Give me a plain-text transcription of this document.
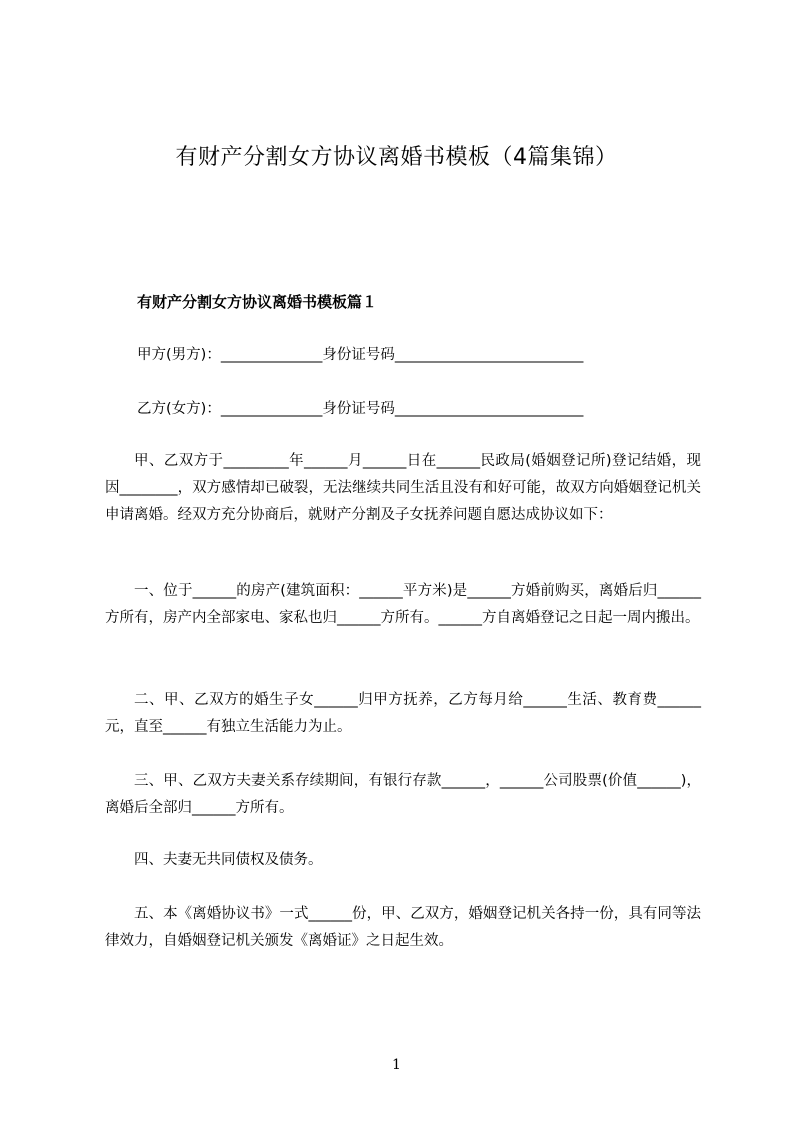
有财产分割女方协议离婚书模板（4篇集锦）
有财产分割女方协议离婚书模板篇１
甲方(男方)：______________身份证号码__________________________
乙方(女方)：______________身份证号码__________________________
甲、乙双方于_________年______月______日在______民政局(婚姻登记所)登记结婚，现因________，双方感情却已破裂，无法继续共同生活且没有和好可能，故双方向婚姻登记机关申请离婚。经双方充分协商后，就财产分割及子女抚养问题自愿达成协议如下：
一、位于______的房产(建筑面积：______平方米)是______方婚前购买，离婚后归______方所有，房产内全部家电、家私也归______方所有。______方自离婚登记之日起一周内搬出。
二、甲、乙双方的婚生子女______归甲方抚养，乙方每月给______生活、教育费______元，直至______有独立生活能力为止。
三、甲、乙双方夫妻关系存续期间，有银行存款______，______公司股票(价值______)，离婚后全部归______方所有。
四、夫妻无共同债权及债务。
五、本《离婚协议书》一式______份，甲、乙双方，婚姻登记机关各持一份，具有同等法律效力，自婚姻登记机关颁发《离婚证》之日起生效。
1
